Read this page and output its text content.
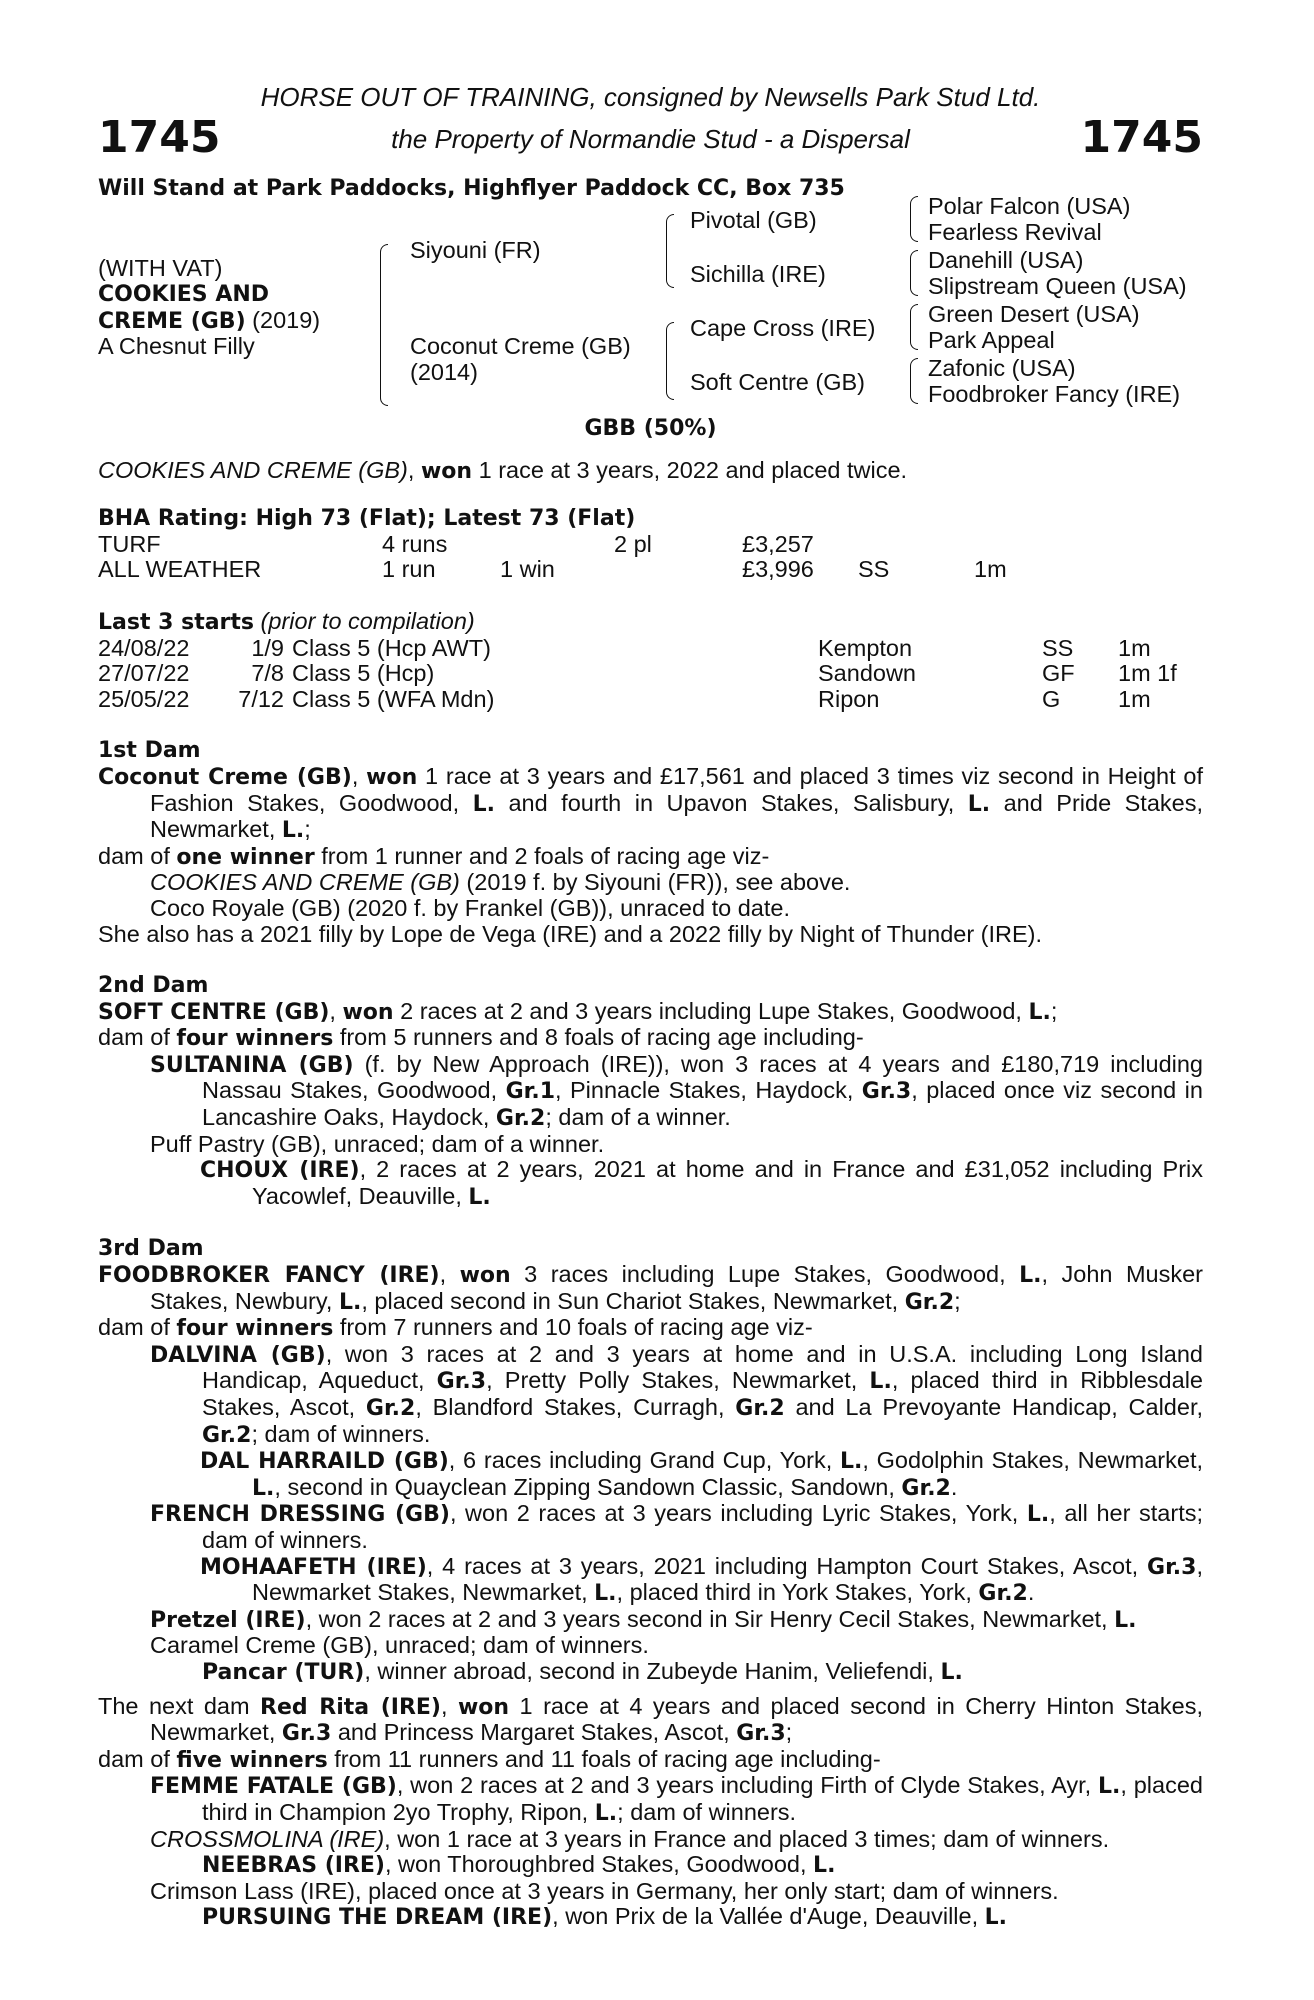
1745	1745
HORSE OUT OF TRAINING, consigned by Newsells Park Stud Ltd.
the Property of Normandie Stud - a Dispersal
Will Stand at Park Paddocks, Highflyer Paddock CC, Box 735
(WITH VAT)
COOKIES AND
CREME (GB) (2019)
A Chesnut Filly
Siyouni (FR)
Coconut Creme (GB)
(2014)
Pivotal (GB)
Sichilla (IRE)
Cape Cross (IRE)
Soft Centre (GB)
Polar Falcon (USA)
Fearless Revival
Danehill (USA)
Slipstream Queen (USA)
Green Desert (USA)
Park Appeal
Zafonic (USA)
Foodbroker Fancy (IRE)
GBB (50%)
COOKIES AND CREME (GB), won 1 race at 3 years, 2022 and placed twice.
BHA Rating: High 73 (Flat); Latest 73 (Flat)
TURF	4 runs	2 pl	£3,257
ALL WEATHER	1 run	1 win	£3,996 SS	1m
Last 3 starts (prior to compilation)
24/08/22	1/9 Class 5 (Hcp AWT)	Kempton	SS 1m
27/07/22	7/8 Class 5 (Hcp)	Sandown	GF 1m 1f
25/05/22	7/12 Class 5 (WFA Mdn)	Ripon	G 1m
1st Dam
Coconut Creme (GB), won 1 race at 3 years and £17,561 and placed 3 times viz second in Height of Fashion Stakes, Goodwood, L. and fourth in Upavon Stakes, Salisbury, L. and Pride Stakes, Newmarket, L.;
dam of one winner from 1 runner and 2 foals of racing age viz-
COOKIES AND CREME (GB) (2019 f. by Siyouni (FR)), see above.
Coco Royale (GB) (2020 f. by Frankel (GB)), unraced to date.
She also has a 2021 filly by Lope de Vega (IRE) and a 2022 filly by Night of Thunder (IRE).
2nd Dam
SOFT CENTRE (GB), won 2 races at 2 and 3 years including Lupe Stakes, Goodwood, L.;
dam of four winners from 5 runners and 8 foals of racing age including-
SULTANINA (GB) (f. by New Approach (IRE)), won 3 races at 4 years and £180,719 including Nassau Stakes, Goodwood, Gr.1, Pinnacle Stakes, Haydock, Gr.3, placed once viz second in Lancashire Oaks, Haydock, Gr.2; dam of a winner.
Puff Pastry (GB), unraced; dam of a winner.
CHOUX (IRE), 2 races at 2 years, 2021 at home and in France and £31,052 including Prix Yacowlef, Deauville, L.
3rd Dam
FOODBROKER FANCY (IRE), won 3 races including Lupe Stakes, Goodwood, L., John Musker Stakes, Newbury, L., placed second in Sun Chariot Stakes, Newmarket, Gr.2;
dam of four winners from 7 runners and 10 foals of racing age viz-
DALVINA (GB), won 3 races at 2 and 3 years at home and in U.S.A. including Long Island Handicap, Aqueduct, Gr.3, Pretty Polly Stakes, Newmarket, L., placed third in Ribblesdale Stakes, Ascot, Gr.2, Blandford Stakes, Curragh, Gr.2 and La Prevoyante Handicap, Calder, Gr.2; dam of winners.
DAL HARRAILD (GB), 6 races including Grand Cup, York, L., Godolphin Stakes, Newmarket, L., second in Quayclean Zipping Sandown Classic, Sandown, Gr.2.
FRENCH DRESSING (GB), won 2 races at 3 years including Lyric Stakes, York, L., all her starts; dam of winners.
MOHAAFETH (IRE), 4 races at 3 years, 2021 including Hampton Court Stakes, Ascot, Gr.3, Newmarket Stakes, Newmarket, L., placed third in York Stakes, York, Gr.2.
Pretzel (IRE), won 2 races at 2 and 3 years second in Sir Henry Cecil Stakes, Newmarket, L.
Caramel Creme (GB), unraced; dam of winners.
Pancar (TUR), winner abroad, second in Zubeyde Hanim, Veliefendi, L.
The next dam Red Rita (IRE), won 1 race at 4 years and placed second in Cherry Hinton Stakes, Newmarket, Gr.3 and Princess Margaret Stakes, Ascot, Gr.3;
dam of five winners from 11 runners and 11 foals of racing age including-
FEMME FATALE (GB), won 2 races at 2 and 3 years including Firth of Clyde Stakes, Ayr, L., placed third in Champion 2yo Trophy, Ripon, L.; dam of winners.
CROSSMOLINA (IRE), won 1 race at 3 years in France and placed 3 times; dam of winners.
NEEBRAS (IRE), won Thoroughbred Stakes, Goodwood, L.
Crimson Lass (IRE), placed once at 3 years in Germany, her only start; dam of winners.
PURSUING THE DREAM (IRE), won Prix de la Vallée d'Auge, Deauville, L.
